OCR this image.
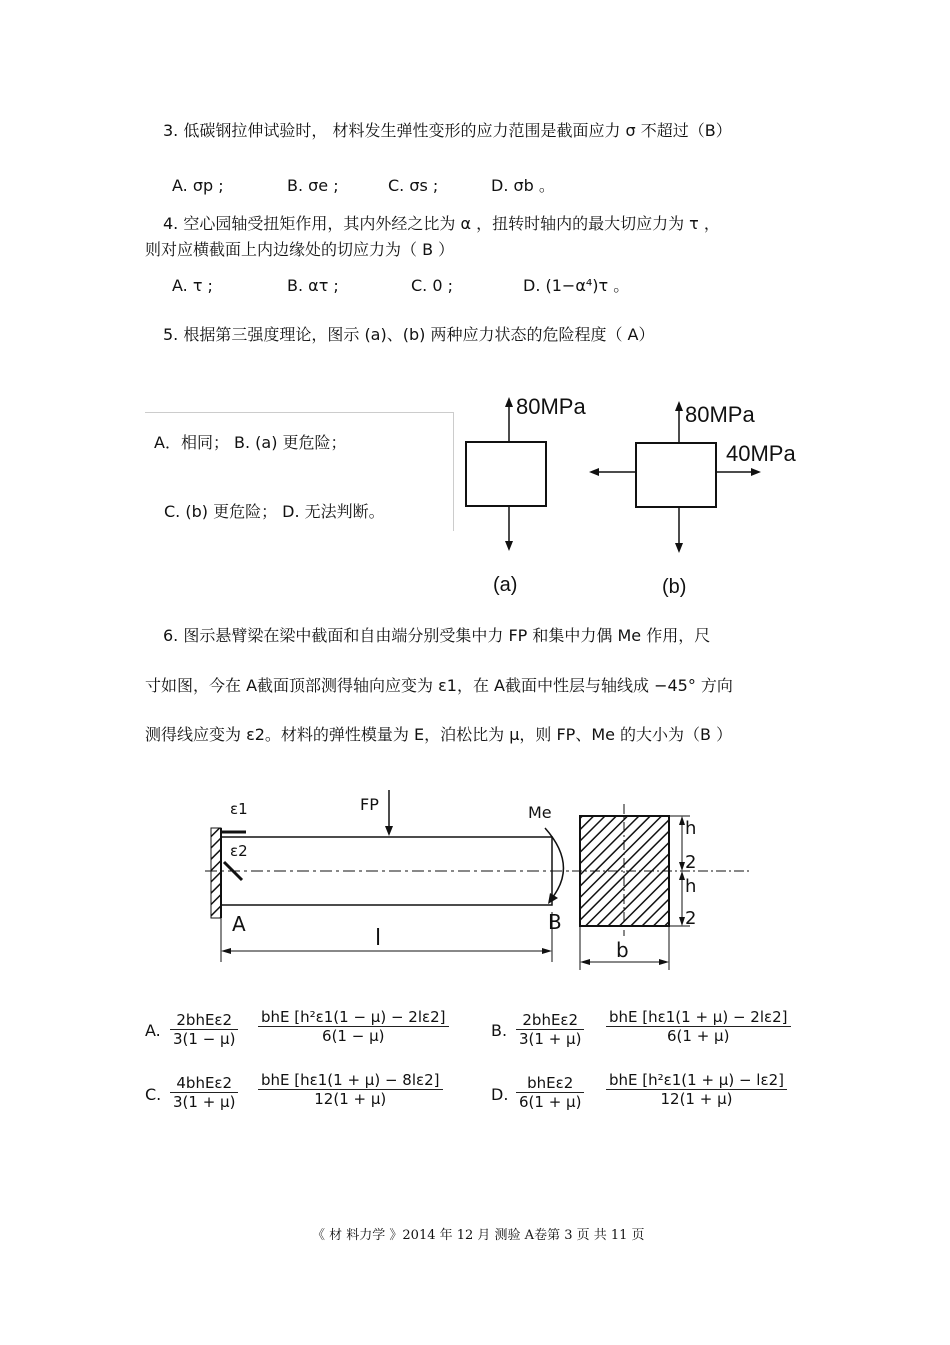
3. 低碳钢拉伸试验时， 材料发生弹性变形的应力范围是截面应力 σ 不超过（B）
A. σp ;	B. σe ;	C. σs ;	D. σb 。
4. 空心园轴受扭矩作用，其内外经之比为 α ，扭转时轴内的最大切应力为 τ ，
则对应横截面上内边缘处的切应力为（ B ）
A. τ ;	B. ατ ;	C. 0 ;	D. (1−α⁴)τ 。
5. 根据第三强度理论，图示 (a)、(b) 两种应力状态的危险程度（ A）
A．相同； B. (a) 更危险；
C. (b) 更危险； D. 无法判断。
80MPa
(a)
80MPa
40MPa
(b)
6. 图示悬臂梁在梁中截面和自由端分别受集中力 FP 和集中力偶 Me 作用，尺
寸如图，今在 A截面顶部测得轴向应变为 ε1，在 A截面中性层与轴线成 −45° 方向
测得线应变为 ε2。材料的弹性模量为 E，泊松比为 μ，则 FP、Me 的大小为（B ）
ε1
ε2
FP	Me
A	B
l
h
2
h
2
b
A.
2bhEε2
3(1 − μ)
bhE [h²ε1(1 − μ) − 2lε2]
6(1 − μ)	B.
2bhEε2
3(1 + μ)
bhE [hε1(1 + μ) − 2lε2]
6(1 + μ)
C.
4bhEε2
3(1 + μ)
bhE [hε1(1 + μ) − 8lε2]
12(1 + μ)	D.
bhEε2
6(1 + μ)
bhE [h²ε1(1 + μ) − lε2]
12(1 + μ)
《 材 料力学 》2014 年 12 月 测验 A卷第 3 页 共 11 页
